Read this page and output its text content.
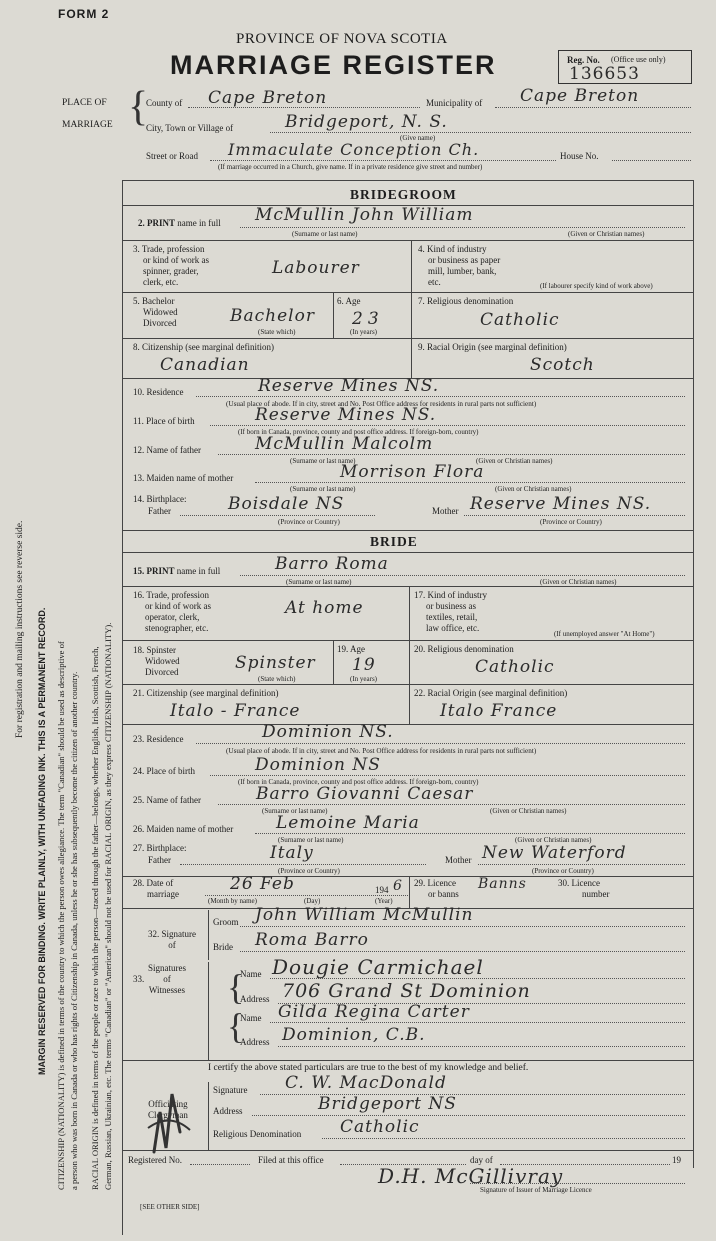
FORM 2
PROVINCE OF NOVA SCOTIA
MARRIAGE REGISTER	Reg. No. (Office use only)
136653
PLACE OF
MARRIAGE {
County of Cape Breton	Municipality of Cape Breton
City, Town or Village of	Bridgeport, N. S.
(Give name)
Street or Road Immaculate Conception Ch.	House No.
(If marriage occurred in a Church, give name. If in a private residence give street and number)
For registration and mailing instructions see reverse side. MARGIN RESERVED FOR BINDING. WRITE PLAINLY, WITH UNFADING INK. THIS IS A PERMANENT RECORD. CITIZENSHIP (NATIONALITY) is defined in terms of the country to which the person owes allegiance. The term "Canadian" should be used as descriptive of a person who was born in Canada or who has rights of Citizenship in Canada, unless he or she has subsequently become the citizen of another country. RACIAL ORIGIN is defined in terms of the people or race to which the person—traced through the father—belongs, whether English, Irish, Scottish, French, German, Russian, Ukrainian, etc. The terms "Canadian" or "American" should not be used for RACIAL ORIGIN, as they express CITIZENSHIP (NATIONALITY).
BRIDEGROOM
2. PRINT name in full McMullin John William
(Surname or last name)	(Given or Christian names)
3. Trade, profession
or kind of work as
spinner, grader,
clerk, etc.
Labourer
4. Kind of industry
or business as paper
mill, lumber, bank,
etc.	(If labourer specify kind of work above)
5. Bachelor
Widowed
Divorced	Bachelor
(State which)
6. Age
23
(In years)
7. Religious denomination
Catholic
8. Citizenship (see marginal definition)
Canadian
9. Racial Origin (see marginal definition)
Scotch
10. Residence	Reserve Mines NS.
(Usual place of abode. If in city, street and No. Post Office address for residents in rural parts not sufficient)
11. Place of birth	Reserve Mines NS.
(If born in Canada, province, county and post office address. If foreign-born, country)
12. Name of father	McMullin Malcolm
(Surname or last name)	(Given or Christian names)
13. Maiden name of mother	Morrison Flora
(Surname or last name)	(Given or Christian names)
14. Birthplace:
Father	Boisdale NS	Mother Reserve Mines NS.
(Province or Country)	(Province or Country)
BRIDE
15. PRINT name in full	Barro Roma
(Surname or last name)	(Given or Christian names)
16. Trade, profession
or kind of work as
operator, clerk,
stenographer, etc.
At home
17. Kind of industry
or business as
textiles, retail,
law office, etc.
(If unemployed answer "At Home")
18. Spinster
Widowed
Divorced	Spinster
(State which)
19. Age
19
(In years)
20. Religious denomination
Catholic
21. Citizenship (see marginal definition)
Italo - France
22. Racial Origin (see marginal definition)
Italo France
23. Residence	Dominion NS.
(Usual place of abode. If in city, street and No. Post Office address for residents in rural parts not sufficient)
24. Place of birth	Dominion NS
(If born in Canada, province, county and post office address. If foreign-born, country)
25. Name of father	Barro Giovanni Caesar
(Surname or last name)	(Given or Christian names)
26. Maiden name of mother	Lemoine Maria
(Surname or last name)	(Given or Christian names)
27. Birthplace:
Father	Italy	Mother New Waterford
(Province or Country)	(Province or Country)
28. Date of
marriage	26 Feb	194 6
(Month by name)	(Day)	(Year)
29. Licence
or banns
Banns	30. Licence
number
32. Signature
of
Groom John William McMullin
Bride Roma Barro
Signatures
of
Witnesses
33. {
Name Dougie Carmichael
Address 706 Grand St Dominion
{
Name Gilda Regina Carter
Address Dominion, C.B.
I certify the above stated particulars are true to the best of my knowledge and belief.
Officiating
Clergyman
Signature C. W. MacDonald
Address	Bridgeport NS
Religious Denomination Catholic
Registered No.	Filed at this office	day of	19
D.H. McGillivray
Signature of Issuer of Marriage Licence
[SEE OTHER SIDE]
